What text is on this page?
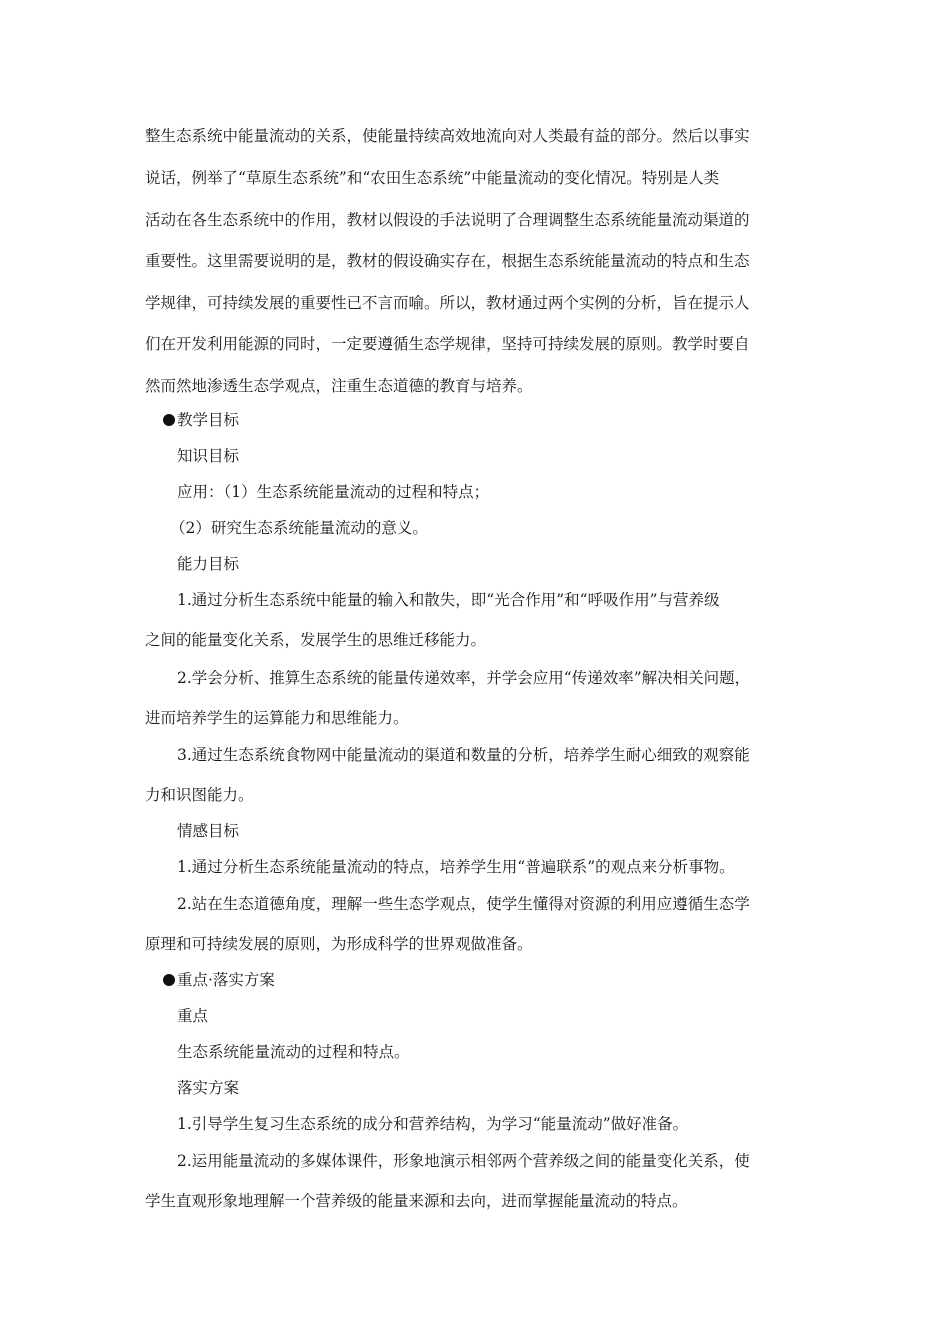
整生态系统中能量流动的关系，使能量持续高效地流向对人类最有益的部分。然后以事实
说话，例举了“草原生态系统”和“农田生态系统”中能量流动的变化情况。特别是人类
活动在各生态系统中的作用，教材以假设的手法说明了合理调整生态系统能量流动渠道的
重要性。这里需要说明的是，教材的假设确实存在，根据生态系统能量流动的特点和生态
学规律，可持续发展的重要性已不言而喻。所以，教材通过两个实例的分析，旨在提示人
们在开发利用能源的同时，一定要遵循生态学规律，坚持可持续发展的原则。教学时要自
然而然地渗透生态学观点，注重生态道德的教育与培养。
教学目标
知识目标
应用：（1）生态系统能量流动的过程和特点；
（2）研究生态系统能量流动的意义。
能力目标
1.通过分析生态系统中能量的输入和散失，即“光合作用”和“呼吸作用”与营养级
之间的能量变化关系，发展学生的思维迁移能力。
2.学会分析、推算生态系统的能量传递效率，并学会应用“传递效率”解决相关问题，
进而培养学生的运算能力和思维能力。
3.通过生态系统食物网中能量流动的渠道和数量的分析，培养学生耐心细致的观察能
力和识图能力。
情感目标
1.通过分析生态系统能量流动的特点，培养学生用“普遍联系”的观点来分析事物。
2.站在生态道德角度，理解一些生态学观点，使学生懂得对资源的利用应遵循生态学
原理和可持续发展的原则，为形成科学的世界观做准备。
重点·落实方案
重点
生态系统能量流动的过程和特点。
落实方案
1.引导学生复习生态系统的成分和营养结构，为学习“能量流动”做好准备。
2.运用能量流动的多媒体课件，形象地演示相邻两个营养级之间的能量变化关系，使
学生直观形象地理解一个营养级的能量来源和去向，进而掌握能量流动的特点。
